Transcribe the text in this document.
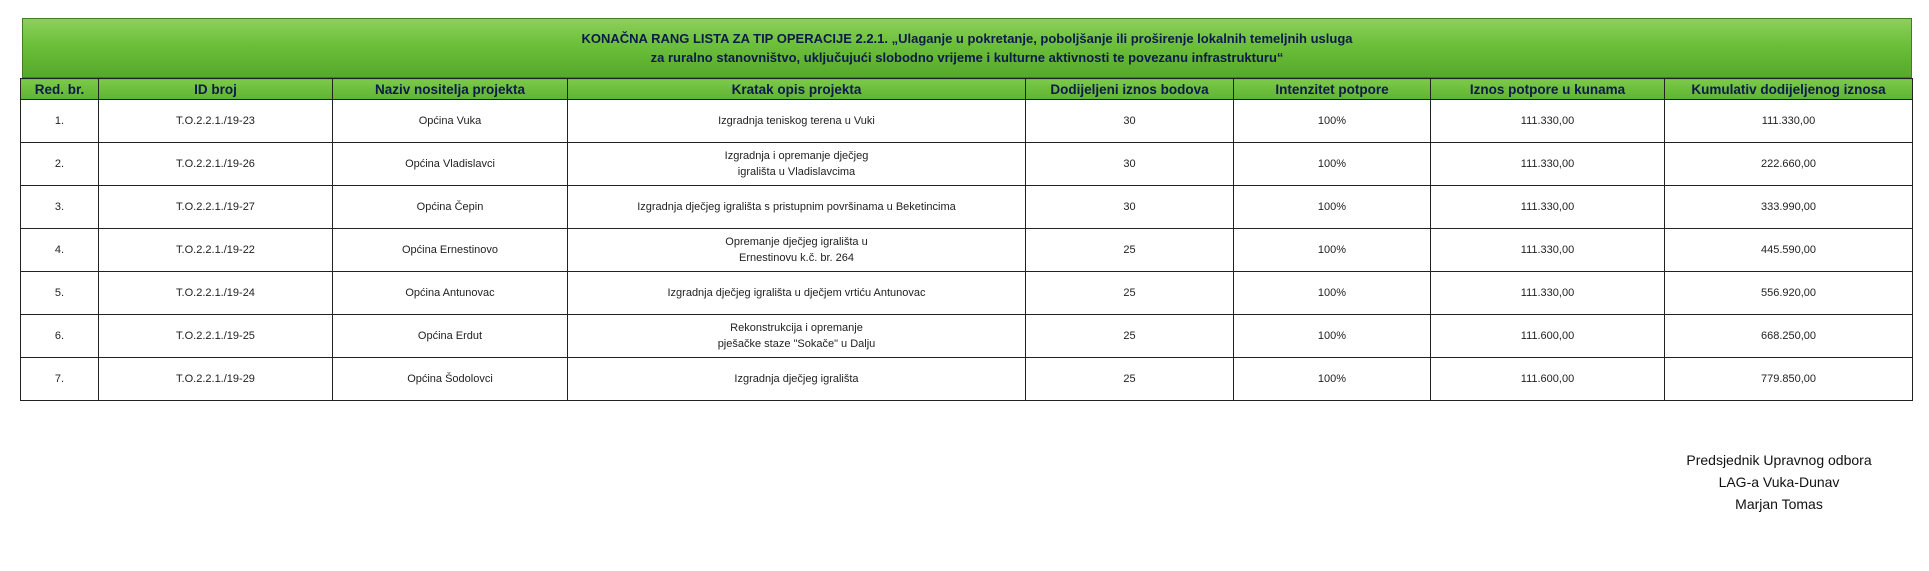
KONAČNA RANG LISTA ZA TIP OPERACIJE 2.2.1. „Ulaganje u pokretanje, poboljšanje ili proširenje lokalnih temeljnih usluga
za ruralno stanovništvo, uključujući slobodno vrijeme i kulturne aktivnosti te povezanu infrastrukturu“
Red. br.	ID broj	Naziv nositelja projekta	Kratak opis projekta	Dodijeljeni iznos bodova	Intenzitet potpore	Iznos potpore u kunama	Kumulativ dodijeljenog iznosa
1.	T.O.2.2.1./19-23	Općina Vuka	Izgradnja teniskog terena u Vuki	30	100%	111.330,00	111.330,00
2.	T.O.2.2.1./19-26	Općina Vladislavci	Izgradnja i opremanje dječjeg
igrališta u Vladislavcima	30	100%	111.330,00	222.660,00
3.	T.O.2.2.1./19-27	Općina Čepin	Izgradnja dječjeg igrališta s pristupnim površinama u Beketincima	30	100%	111.330,00	333.990,00
4.	T.O.2.2.1./19-22	Općina Ernestinovo	Opremanje dječjeg igrališta u
Ernestinovu k.č. br. 264	25	100%	111.330,00	445.590,00
5.	T.O.2.2.1./19-24	Općina Antunovac	Izgradnja dječjeg igrališta u dječjem vrtiću Antunovac	25	100%	111.330,00	556.920,00
6.	T.O.2.2.1./19-25	Općina Erdut	Rekonstrukcija i opremanje
pješačke staze "Sokače" u Dalju	25	100%	111.600,00	668.250,00
7.	T.O.2.2.1./19-29	Općina Šodolovci	Izgradnja dječjeg igrališta	25	100%	111.600,00	779.850,00
Predsjednik Upravnog odbora
LAG-a Vuka-Dunav
Marjan Tomas
